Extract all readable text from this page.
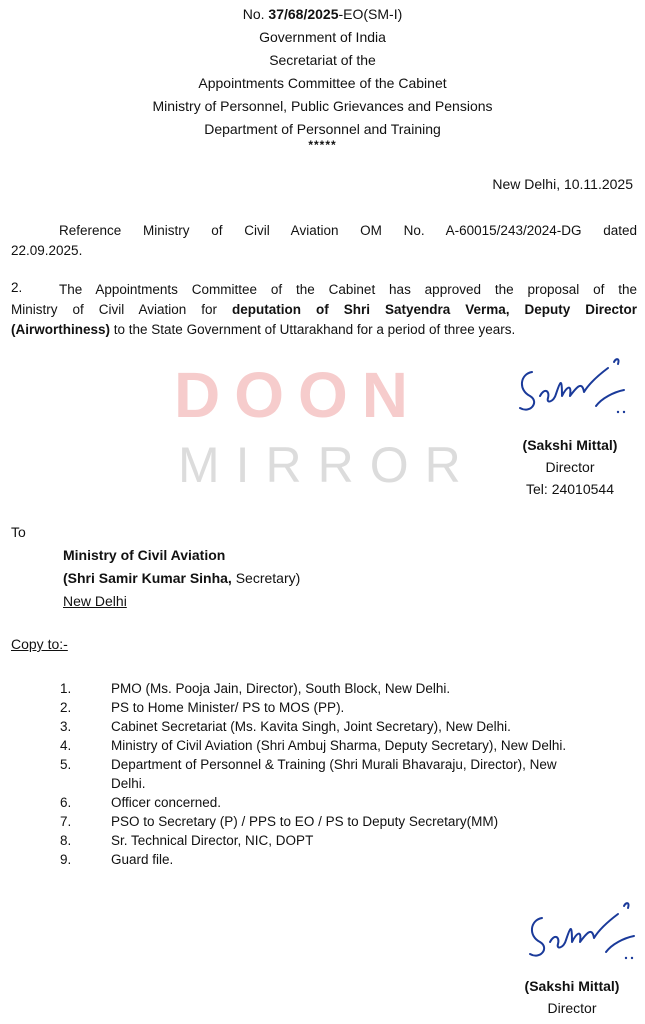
No. 37/68/2025-EO(SM-I)
Government of India
Secretariat of the
Appointments Committee of the Cabinet
Ministry of Personnel, Public Grievances and Pensions
Department of Personnel and Training
*****
New Delhi, 10.11.2025
Reference Ministry of Civil Aviation OM No. A-60015/243/2024-DG dated
22.09.2025.
2.	The Appointments Committee of the Cabinet has approved the proposal of the
Ministry of Civil Aviation for deputation of Shri Satyendra Verma, Deputy Director
(Airworthiness) to the State Government of Uttarakhand for a period of three years.
DOON
MIRROR	(Sakshi Mittal)
Director
Tel: 24010544
To
Ministry of Civil Aviation
(Shri Samir Kumar Sinha, Secretary)
New Delhi
Copy to:-
1.	PMO (Ms. Pooja Jain, Director), South Block, New Delhi.
2.	PS to Home Minister/ PS to MOS (PP).
3.	Cabinet Secretariat (Ms. Kavita Singh, Joint Secretary), New Delhi.
4.	Ministry of Civil Aviation (Shri Ambuj Sharma, Deputy Secretary), New Delhi.
5.	Department of Personnel & Training (Shri Murali Bhavaraju, Director), New
Delhi.
6.	Officer concerned.
7.	PSO to Secretary (P) / PPS to EO / PS to Deputy Secretary(MM)
8.	Sr. Technical Director, NIC, DOPT
9.	Guard file.
(Sakshi Mittal)
Director
